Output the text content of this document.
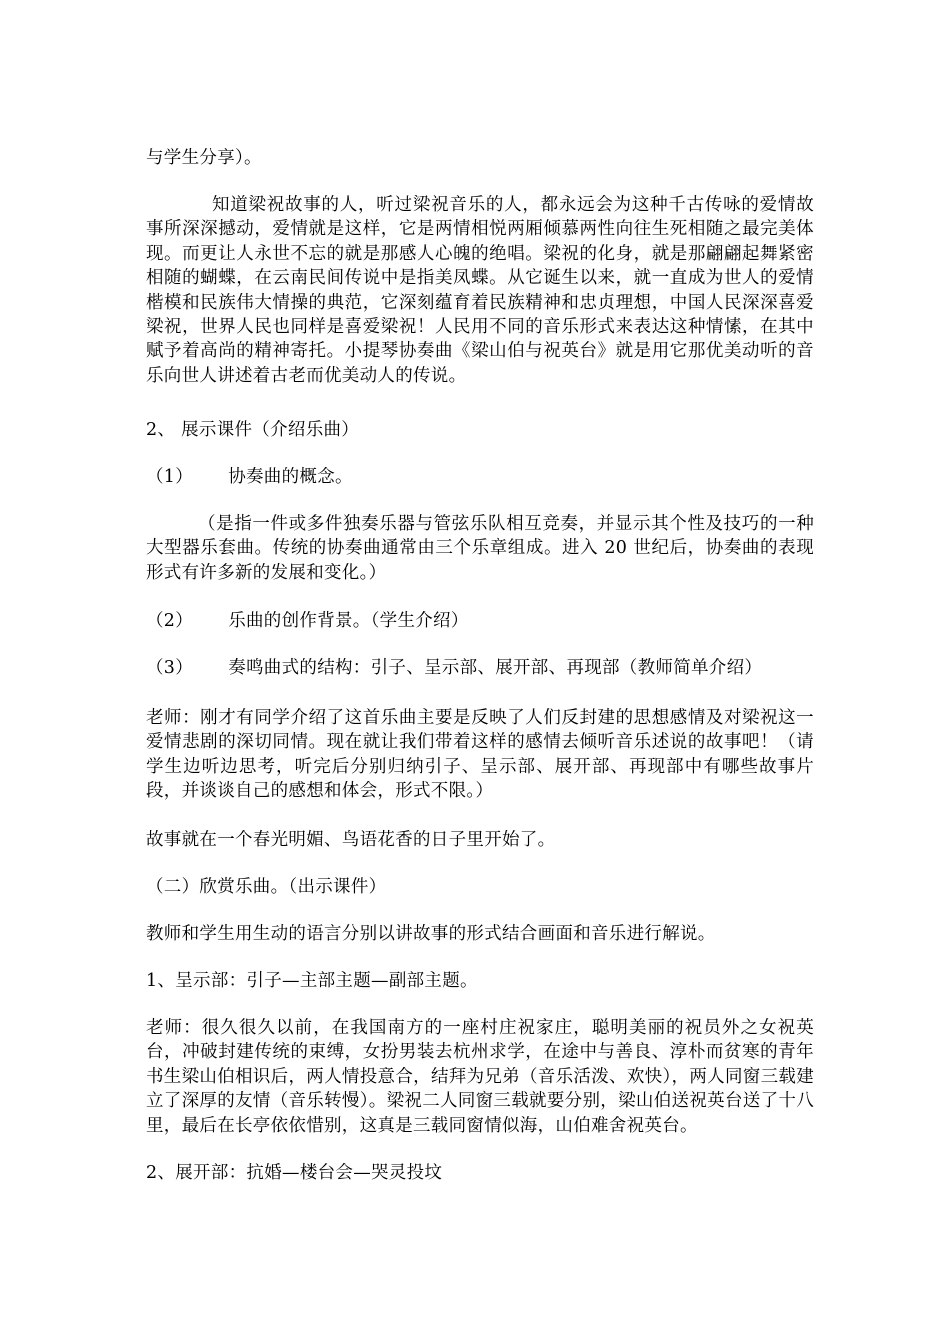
与学生分享）。

知道梁祝故事的人，听过梁祝音乐的人，都永远会为这种千古传咏的爱情故事所深深撼动，爱情就是这样，它是两情相悦两厢倾慕两性向往生死相随之最完美体现。而更让人永世不忘的就是那感人心魄的绝唱。梁祝的化身，就是那翩翩起舞紧密相随的蝴蝶，在云南民间传说中是指美凤蝶。从它诞生以来，就一直成为世人的爱情楷模和民族伟大情操的典范，它深刻蕴育着民族精神和忠贞理想，中国人民深深喜爱梁祝，世界人民也同样是喜爱梁祝！人民用不同的音乐形式来表达这种情愫，在其中赋予着高尚的精神寄托。小提琴协奏曲《梁山伯与祝英台》就是用它那优美动听的音乐向世人讲述着古老而优美动人的传说。

2、 展示课件（介绍乐曲）

（1）      协奏曲的概念。

（是指一件或多件独奏乐器与管弦乐队相互竞奏，并显示其个性及技巧的一种大型器乐套曲。传统的协奏曲通常由三个乐章组成。进入 20 世纪后，协奏曲的表现形式有许多新的发展和变化。）

（2）      乐曲的创作背景。（学生介绍）

（3）      奏鸣曲式的结构：引子、呈示部、展开部、再现部（教师简单介绍）

老师：刚才有同学介绍了这首乐曲主要是反映了人们反封建的思想感情及对梁祝这一爱情悲剧的深切同情。现在就让我们带着这样的感情去倾听音乐述说的故事吧！（请学生边听边思考，听完后分别归纳引子、呈示部、展开部、再现部中有哪些故事片段，并谈谈自己的感想和体会，形式不限。）

故事就在一个春光明媚、鸟语花香的日子里开始了。

（二）欣赏乐曲。（出示课件）

教师和学生用生动的语言分别以讲故事的形式结合画面和音乐进行解说。

1、呈示部：引子—主部主题—副部主题。

老师：很久很久以前，在我国南方的一座村庄祝家庄，聪明美丽的祝员外之女祝英台，冲破封建传统的束缚，女扮男装去杭州求学，在途中与善良、淳朴而贫寒的青年书生梁山伯相识后，两人情投意合，结拜为兄弟（音乐活泼、欢快），两人同窗三载建立了深厚的友情（音乐转慢）。梁祝二人同窗三载就要分别，梁山伯送祝英台送了十八里，最后在长亭依依惜别，这真是三载同窗情似海，山伯难舍祝英台。

2、展开部：抗婚—楼台会—哭灵投坟
